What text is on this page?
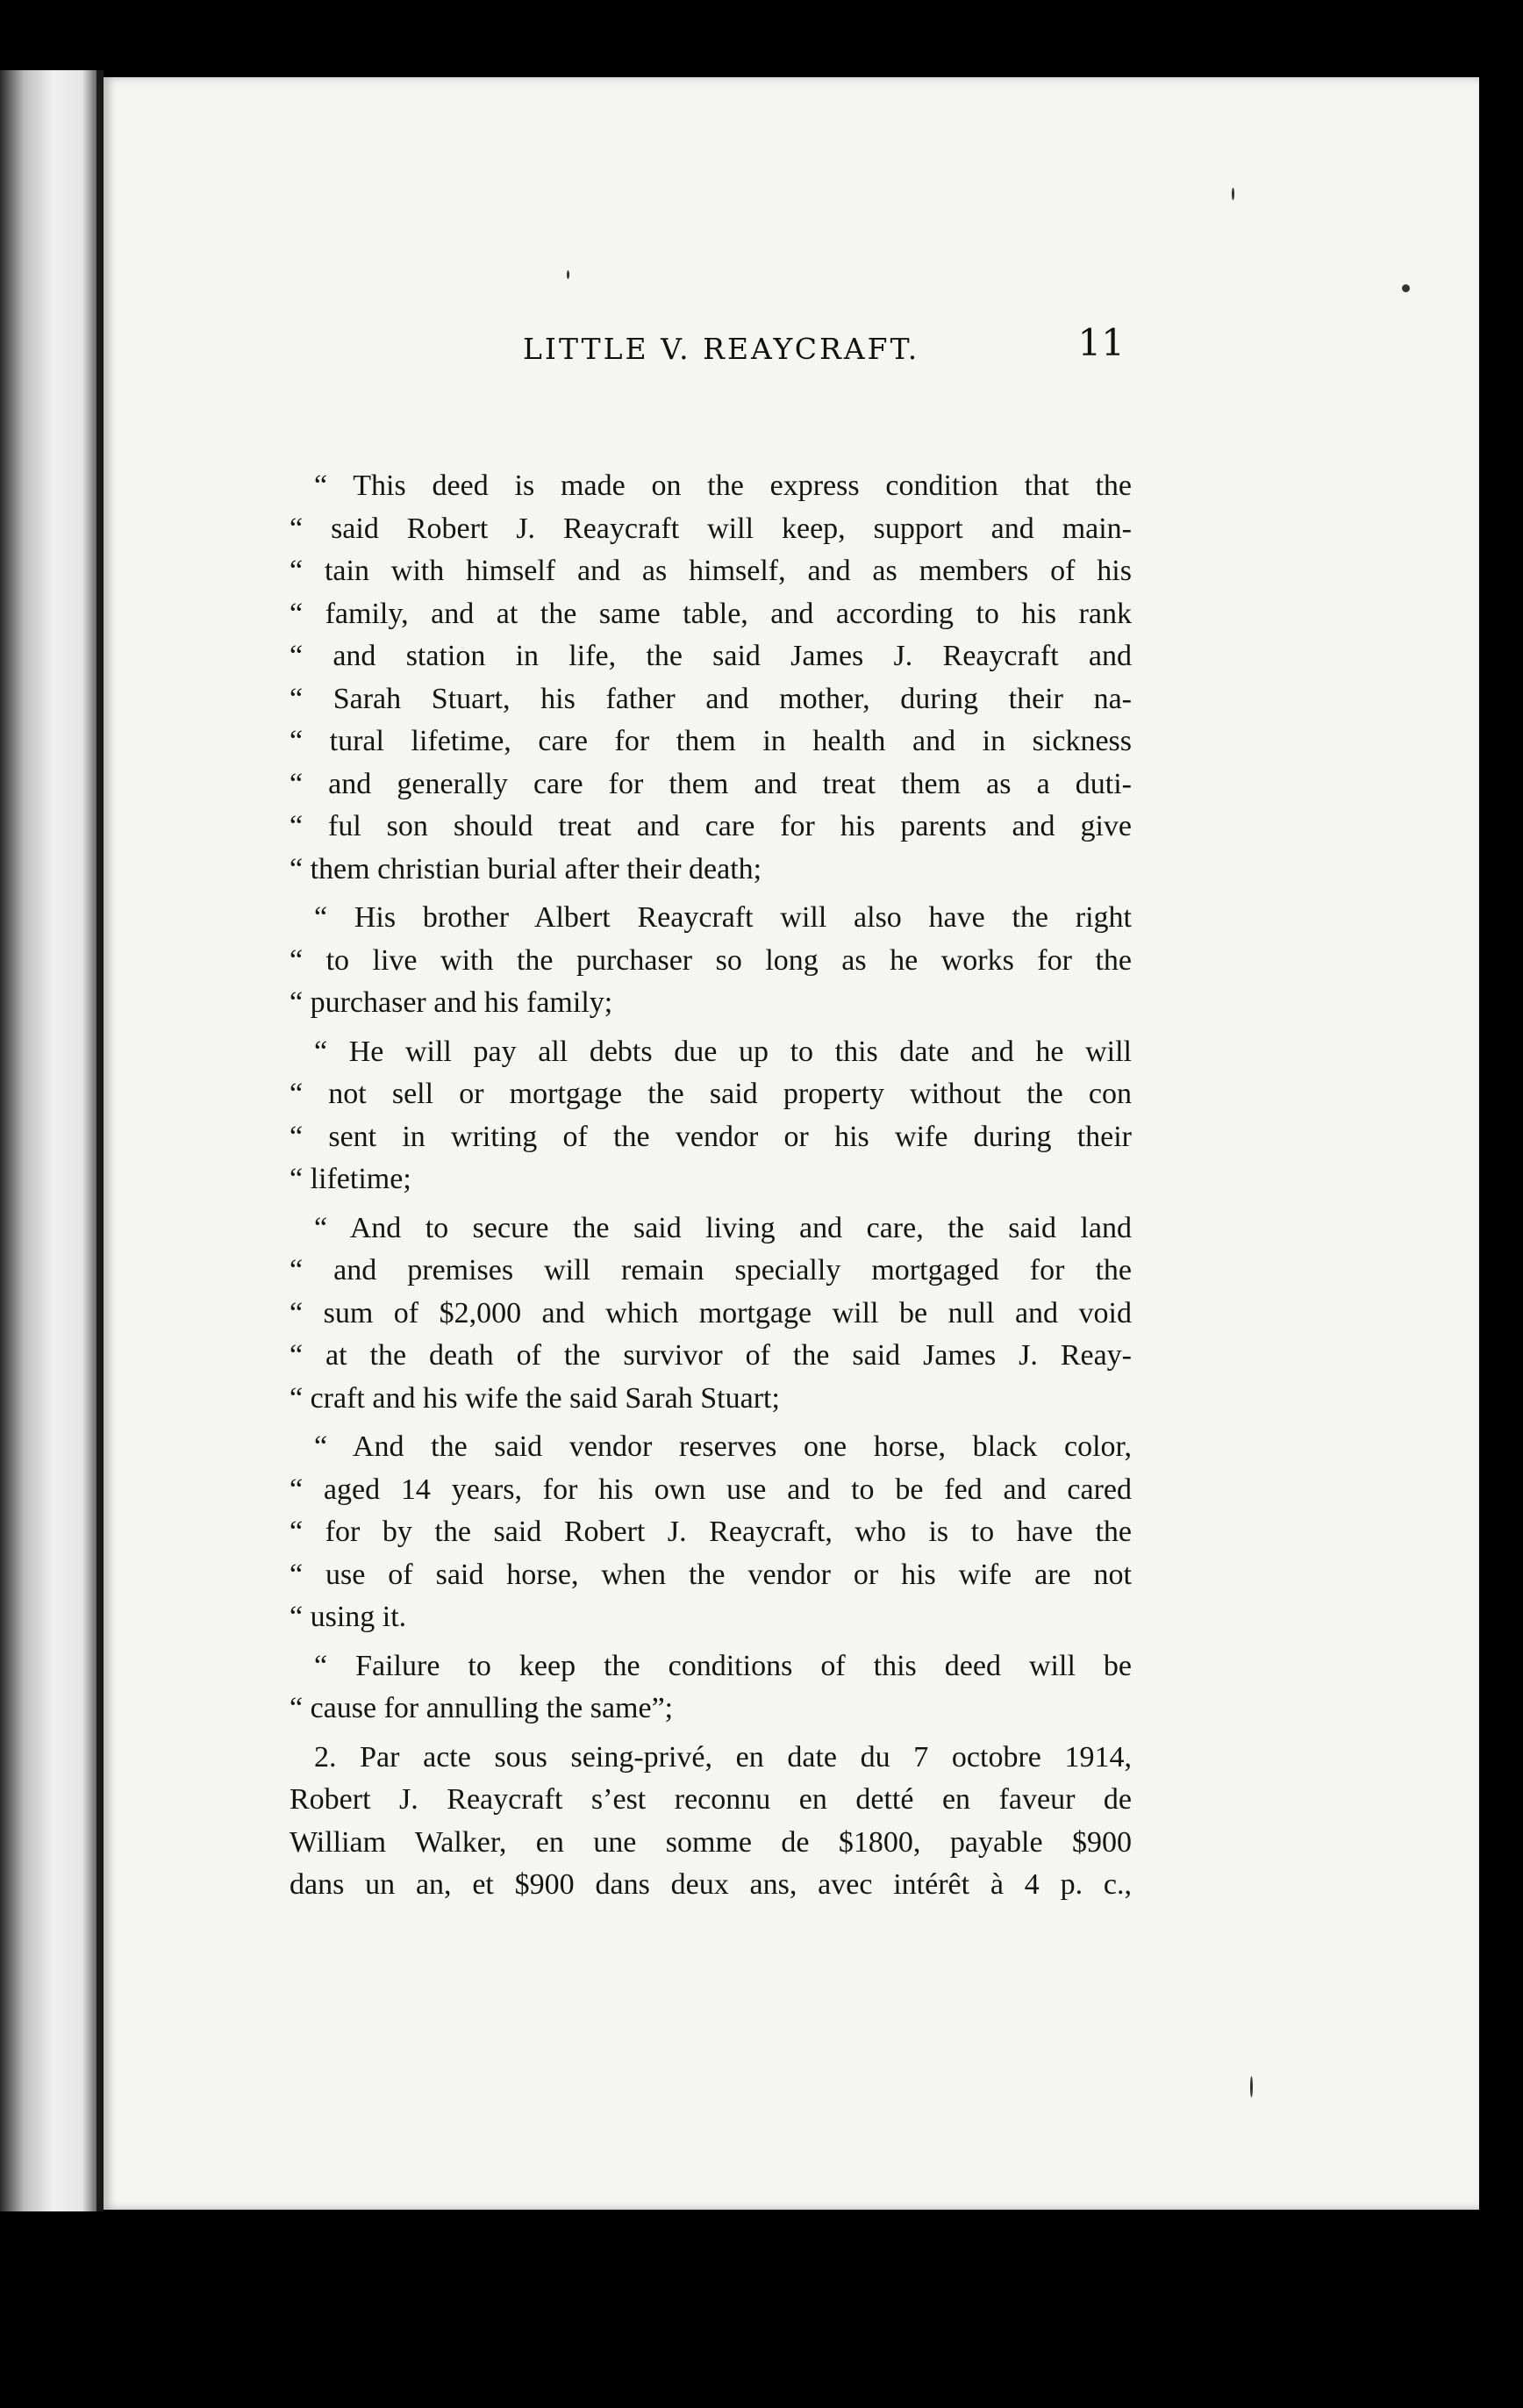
LITTLE V. REAYCRAFT.	11
“ This deed is made on the express condition that the
“ said Robert J. Reaycraft will keep, support and main-
“ tain with himself and as himself, and as members of his
“ family, and at the same table, and according to his rank
“ and station in life, the said James J. Reaycraft and
“ Sarah Stuart, his father and mother, during their na-
“ tural lifetime, care for them in health and in sickness
“ and generally care for them and treat them as a duti-
“ ful son should treat and care for his parents and give
“ them christian burial after their death;
“ His brother Albert Reaycraft will also have the right
“ to live with the purchaser so long as he works for the
“ purchaser and his family;
“ He will pay all debts due up to this date and he will
“ not sell or mortgage the said property without the con
“ sent in writing of the vendor or his wife during their
“ lifetime;
“ And to secure the said living and care, the said land
“ and premises will remain specially mortgaged for the
“ sum of $2,000 and which mortgage will be null and void
“ at the death of the survivor of the said James J. Reay-
“ craft and his wife the said Sarah Stuart;
“ And the said vendor reserves one horse, black color,
“ aged 14 years, for his own use and to be fed and cared
“ for by the said Robert J. Reaycraft, who is to have the
“ use of said horse, when the vendor or his wife are not
“ using it.
“ Failure to keep the conditions of this deed will be
“ cause for annulling the same”;
2. Par acte sous seing-privé, en date du 7 octobre 1914,
Robert J. Reaycraft s’est reconnu en detté en faveur de
William Walker, en une somme de $1800, payable $900
dans un an, et $900 dans deux ans, avec intérêt à 4 p. c.,
